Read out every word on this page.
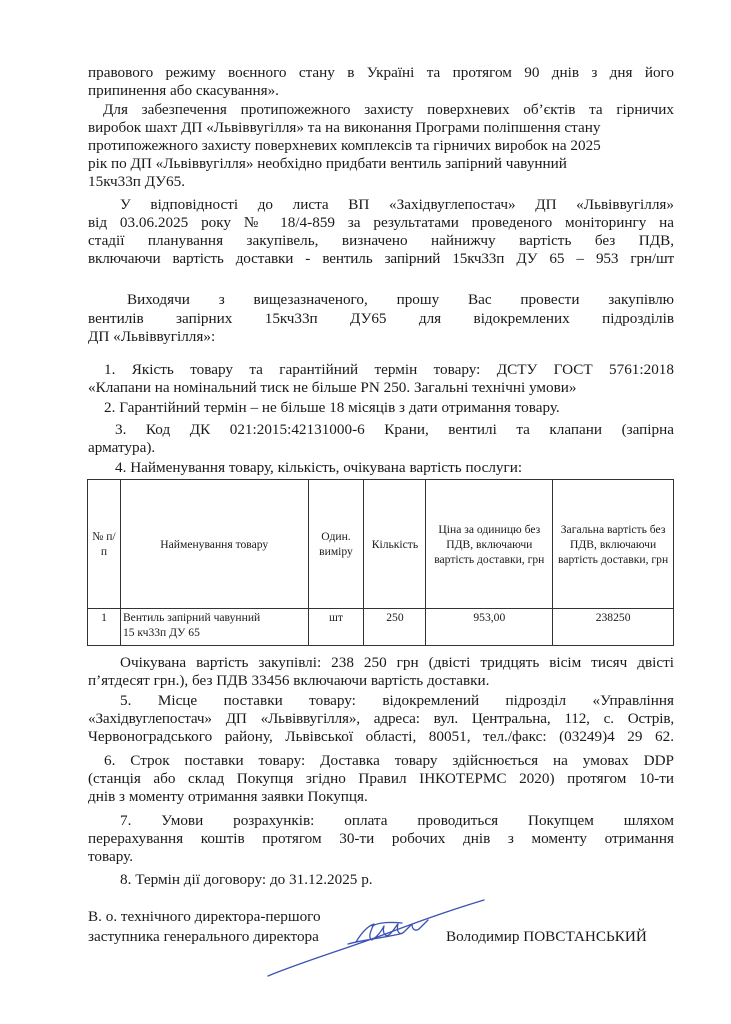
правового режиму воєнного стану в Україні та протягом 90 днів з дня його
припинення або скасування».
Для забезпечення протипожежного захисту поверхневих об’єктів та гірничих
виробок шахт ДП «Львіввугілля» та на виконання Програми поліпшення стану
протипожежного захисту поверхневих комплексів та гірничих виробок на 2025
рік по ДП «Львіввугілля» необхідно придбати вентиль запірний чавунний
15кч33п ДУ65.
У відповідності до листа ВП «Західвуглепостач» ДП «Львіввугілля»
від 03.06.2025 року № 18/4-859 за результатами проведеного моніторингу на
стадії планування закупівель, визначено найнижчу вартість без ПДВ,
включаючи вартість доставки - вентиль запірний 15кч33п ДУ 65 – 953 грн/шт
Виходячи з вищезазначеного, прошу Вас провести закупівлю
вентилів запірних 15кч33п ДУ65 для відокремлених підрозділів
ДП «Львіввугілля»:
1. Якість товару та гарантійний термін товару: ДСТУ ГОСТ 5761:2018
«Клапани на номінальний тиск не більше PN 250. Загальні технічні умови»
2. Гарантійний термін – не більше 18 місяців з дати отримання товару.
3. Код ДК 021:2015:42131000-6 Крани, вентилі та клапани (запірна
арматура).
4. Найменування товару, кількість, очікувана вартість послуги:
№ п/п	Найменування товару	Один. виміру	Кількість	Ціна за одиницю без ПДВ, включаючи вартість доставки, грн	Загальна вартість без ПДВ, включаючи вартість доставки, грн
1	Вентиль запірний чавунний
15 кч33п ДУ 65	шт	250	953,00	238250
Очікувана вартість закупівлі: 238 250 грн (двісті тридцять вісім тисяч двісті
п’ятдесят грн.), без ПДВ 33456 включаючи вартість доставки.
5. Місце поставки товару: відокремлений підрозділ «Управління
«Західвуглепостач» ДП «Львіввугілля», адреса: вул. Центральна, 112, с. Острів,
Червоноградського району, Львівської області, 80051, тел./факс: (03249)4 29 62.
6. Строк поставки товару: Доставка товару здійснюється на умовах DDP
(станція або склад Покупця згідно Правил ІНКОТЕРМС 2020) протягом 10-ти
днів з моменту отримання заявки Покупця.
7. Умови розрахунків: оплата проводиться Покупцем шляхом
перерахування коштів протягом 30-ти робочих днів з моменту отримання
товару.
8. Термін дії договору: до 31.12.2025 р.
В. о. технічного директора-першого
заступника генерального директора	Володимир ПОВСТАНСЬКИЙ
